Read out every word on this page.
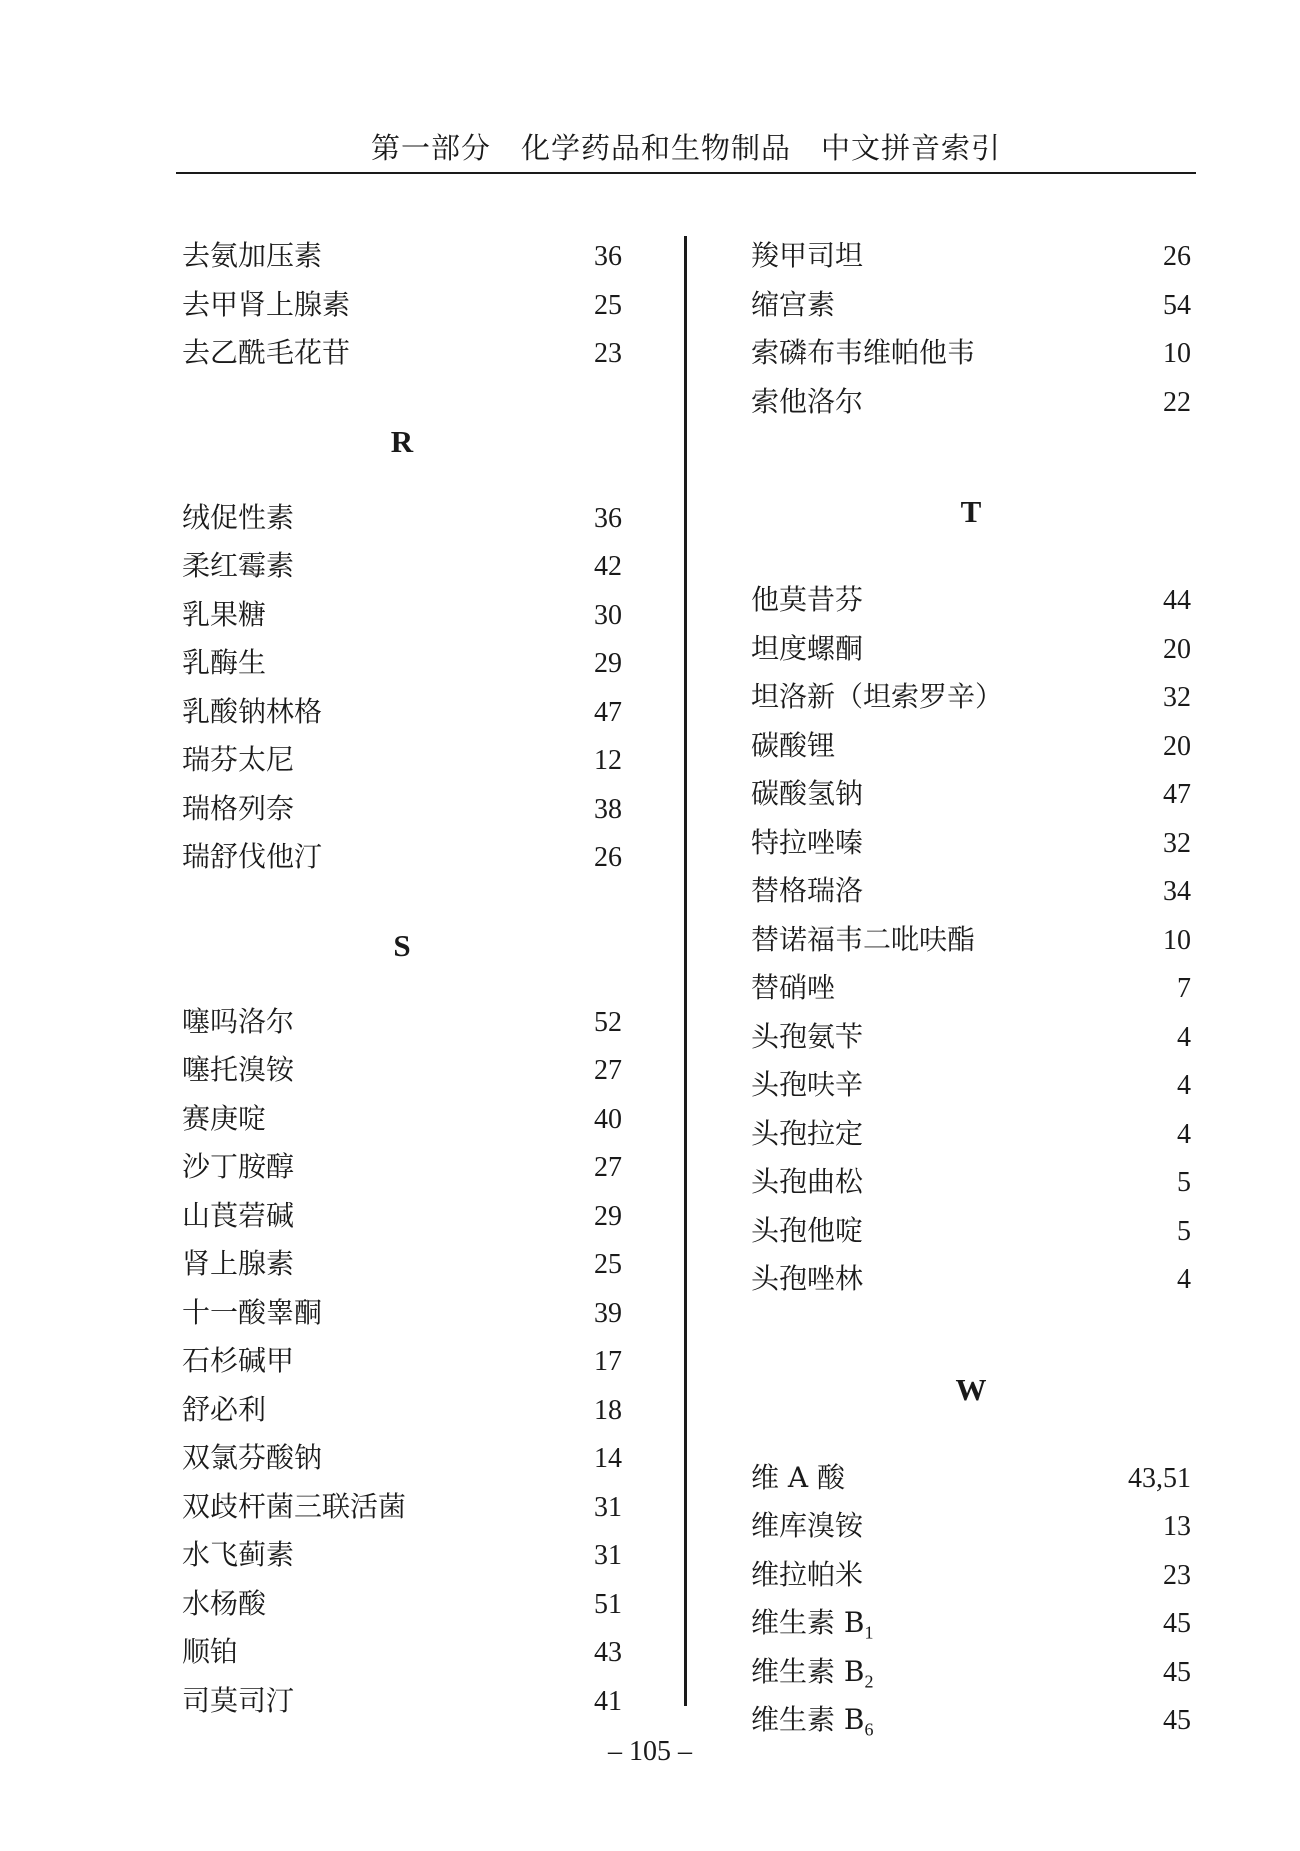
第一部分　化学药品和生物制品　中文拼音索引
去氨加压素	36
去甲肾上腺素	25
去乙酰毛花苷	23
R
绒促性素	36
柔红霉素	42
乳果糖	30
乳酶生	29
乳酸钠林格	47
瑞芬太尼	12
瑞格列奈	38
瑞舒伐他汀	26
S
噻吗洛尔	52
噻托溴铵	27
赛庚啶	40
沙丁胺醇	27
山莨菪碱	29
肾上腺素	25
十一酸睾酮	39
石杉碱甲	17
舒必利	18
双氯芬酸钠	14
双歧杆菌三联活菌	31
水飞蓟素	31
水杨酸	51
顺铂	43
司莫司汀	41
羧甲司坦	26
缩宫素	54
索磷布韦维帕他韦	10
索他洛尔	22
T
他莫昔芬	44
坦度螺酮	20
坦洛新（坦索罗辛）	32
碳酸锂	20
碳酸氢钠	47
特拉唑嗪	32
替格瑞洛	34
替诺福韦二吡呋酯	10
替硝唑	7
头孢氨苄	4
头孢呋辛	4
头孢拉定	4
头孢曲松	5
头孢他啶	5
头孢唑林	4
W
维 A 酸	43,51
维库溴铵	13
维拉帕米	23
维生素 $B_1$	45
维生素 $B_2$	45
维生素 $B_6$	45
– 105 –
